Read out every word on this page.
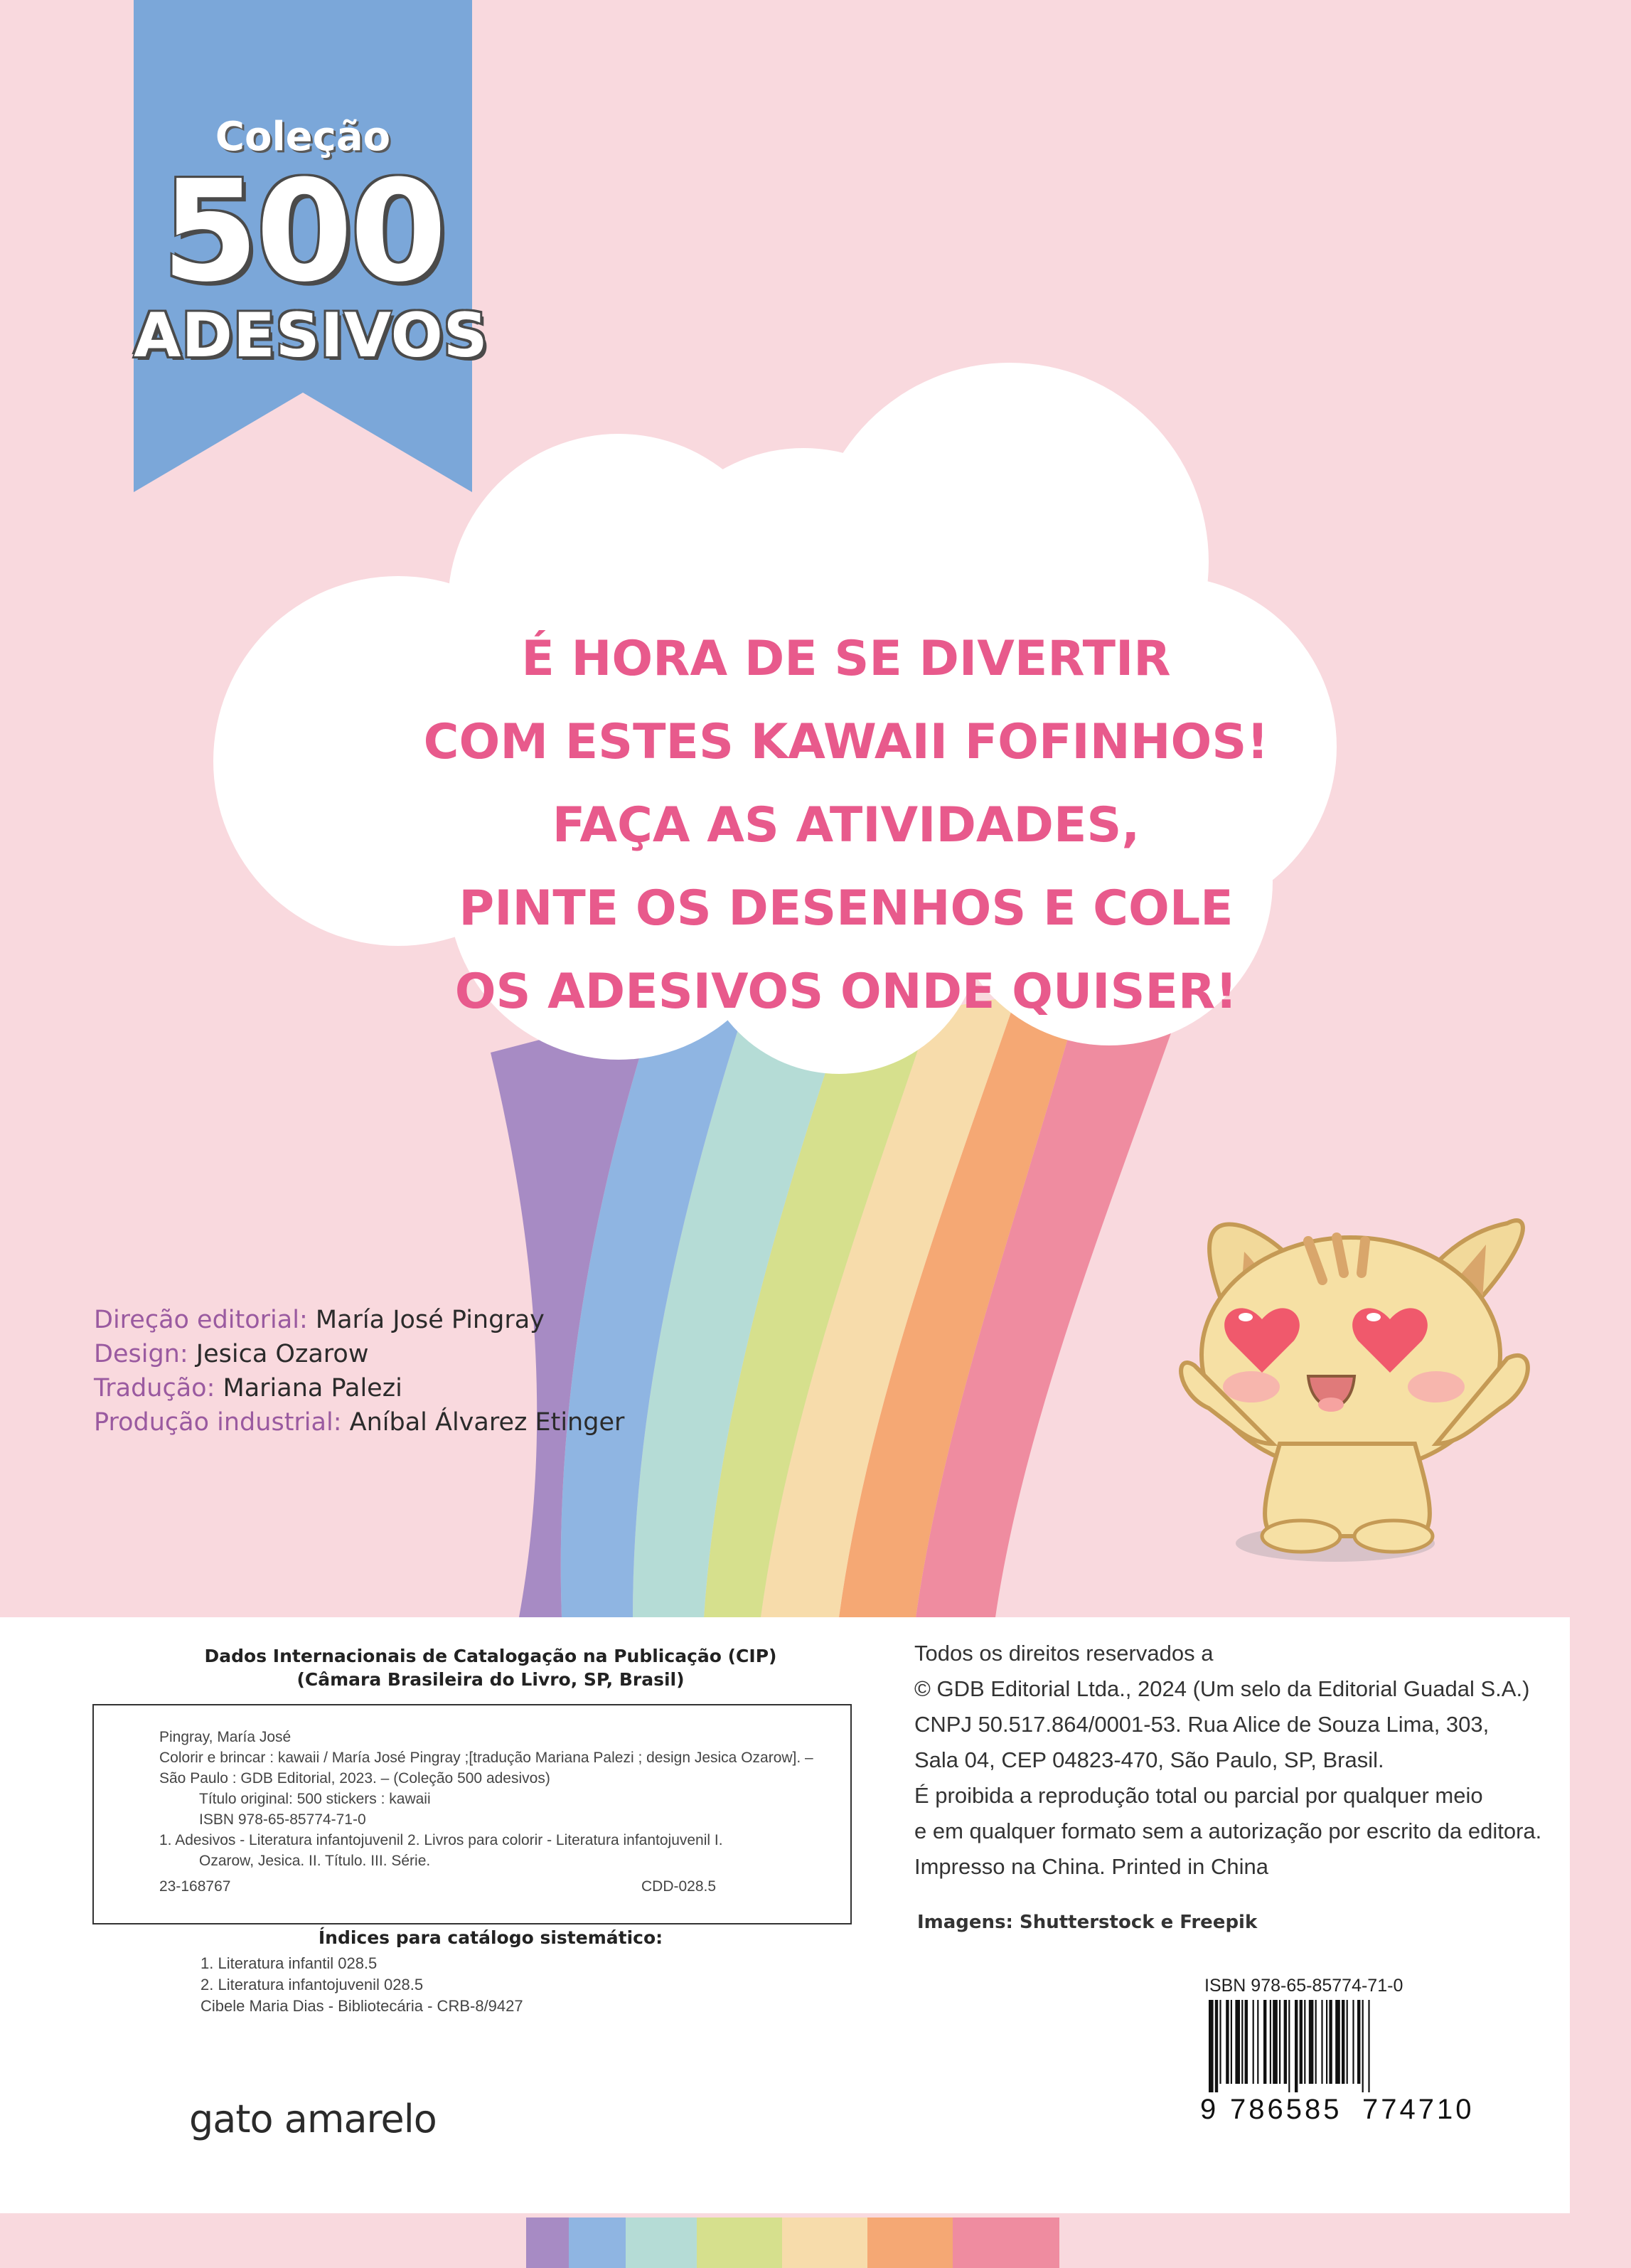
Coleção
500
ADESIVOS
É HORA DE SE DIVERTIR
COM ESTES KAWAII FOFINHOS!
FAÇA AS ATIVIDADES,
PINTE OS DESENHOS E COLE
OS ADESIVOS ONDE QUISER!
Direção editorial: María José Pingray
Design: Jesica Ozarow
Tradução: Mariana Palezi
Produção industrial: Aníbal Álvarez Etinger
Dados Internacionais de Catalogação na Publicação (CIP)
(Câmara Brasileira do Livro, SP, Brasil)
Pingray, María José
Colorir e brincar : kawaii / María José Pingray ;[tradução Mariana Palezi ; design Jesica Ozarow]. –
São Paulo : GDB Editorial, 2023. – (Coleção 500 adesivos)
Título original: 500 stickers : kawaii
ISBN 978-65-85774-71-0
1. Adesivos - Literatura infantojuvenil 2. Livros para colorir - Literatura infantojuvenil I.
Ozarow, Jesica. II. Título. III. Série.
23-168767	CDD-028.5
Índices para catálogo sistemático:
1. Literatura infantil 028.5
2. Literatura infantojuvenil 028.5
Cibele Maria Dias - Bibliotecária - CRB-8/9427
Todos os direitos reservados a
© GDB Editorial Ltda., 2024 (Um selo da Editorial Guadal S.A.)
CNPJ 50.517.864/0001-53. Rua Alice de Souza Lima, 303,
Sala 04, CEP 04823-470, São Paulo, SP, Brasil.
É proibida a reprodução total ou parcial por qualquer meio
e em qualquer formato sem a autorização por escrito da editora.
Impresso na China. Printed in China
Imagens: Shutterstock e Freepik
ISBN 978-65-85774-71-0
9 786585 774710
gato amarelo
